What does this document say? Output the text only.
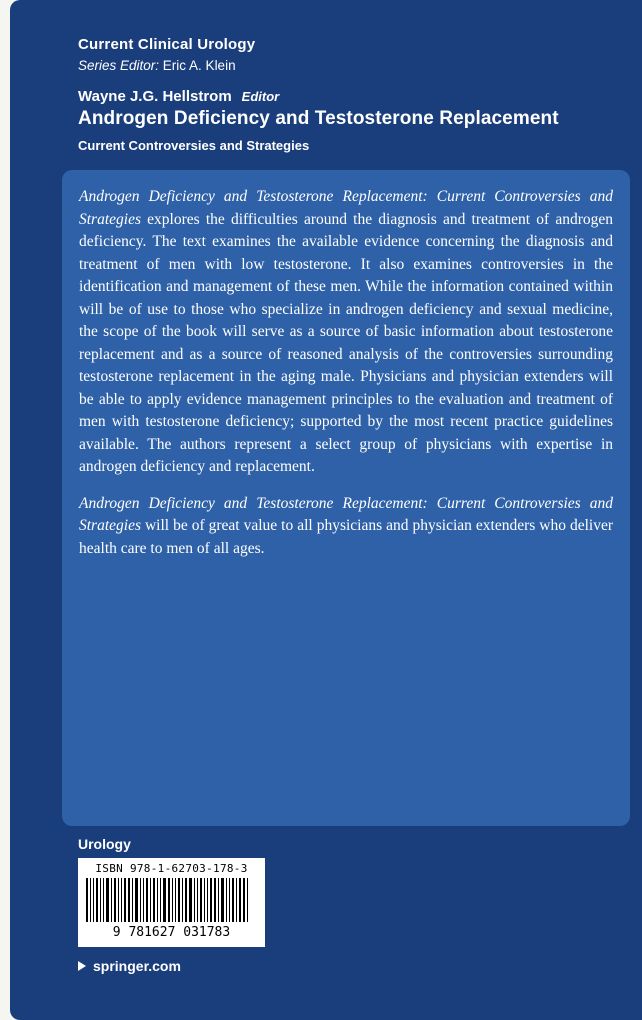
Current Clinical Urology
Series Editor: Eric A. Klein
Wayne J.G. Hellstrom Editor
Androgen Deficiency and Testosterone Replacement
Current Controversies and Strategies

Androgen Deficiency and Testosterone Replacement: Current Controversies and Strategies explores the difficulties around the diagnosis and treatment of androgen deficiency. The text examines the available evidence concerning the diagnosis and treatment of men with low testosterone. It also examines controversies in the identification and management of these men. While the information contained within will be of use to those who specialize in androgen deficiency and sexual medicine, the scope of the book will serve as a source of basic information about testosterone replacement and as a source of reasoned analysis of the controversies surrounding testosterone replacement in the aging male. Physicians and physician extenders will be able to apply evidence management principles to the evaluation and treatment of men with testosterone deficiency; supported by the most recent practice guidelines available. The authors represent a select group of physicians with expertise in androgen deficiency and replacement.

Androgen Deficiency and Testosterone Replacement: Current Controversies and Strategies will be of great value to all physicians and physician extenders who deliver health care to men of all ages.

Urology
ISBN 978-1-62703-178-3
9 781627 031783
springer.com
